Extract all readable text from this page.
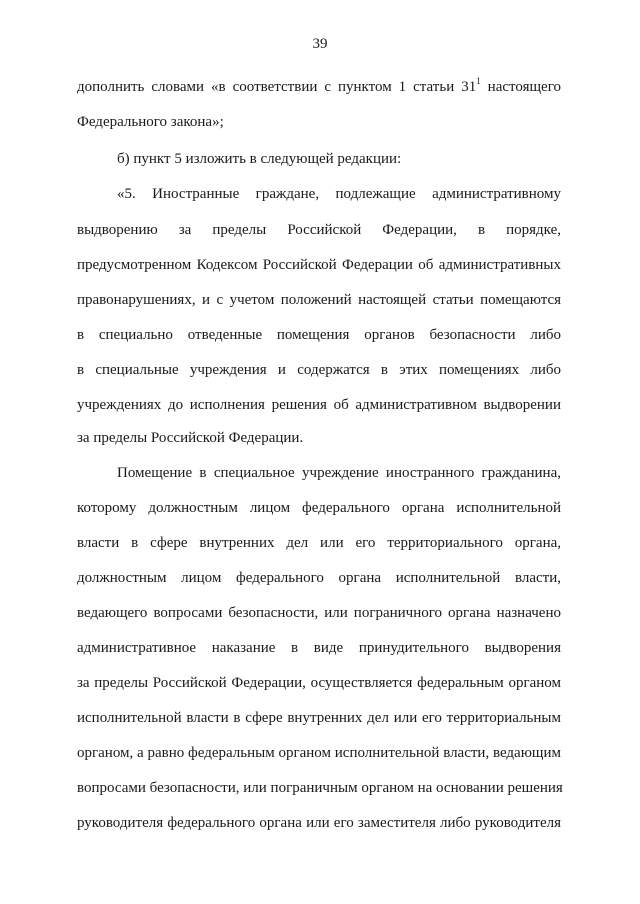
39
дополнить словами «в соответствии с пунктом 1 статьи $31^1$ настоящего
Федерального закона»;
б) пункт 5 изложить в следующей редакции:
«5. Иностранные граждане, подлежащие административному
выдворению за пределы Российской Федерации, в порядке,
предусмотренном Кодексом Российской Федерации об административных
правонарушениях, и с учетом положений настоящей статьи помещаются
в специально отведенные помещения органов безопасности либо
в специальные учреждения и содержатся в этих помещениях либо
учреждениях до исполнения решения об административном выдворении
за пределы Российской Федерации.
Помещение в специальное учреждение иностранного гражданина,
которому должностным лицом федерального органа исполнительной
власти в сфере внутренних дел или его территориального органа,
должностным лицом федерального органа исполнительной власти,
ведающего вопросами безопасности, или пограничного органа назначено
административное наказание в виде принудительного выдворения
за пределы Российской Федерации, осуществляется федеральным органом
исполнительной власти в сфере внутренних дел или его территориальным
органом, а равно федеральным органом исполнительной власти, ведающим
вопросами безопасности, или пограничным органом на основании решения
руководителя федерального органа или его заместителя либо руководителя
